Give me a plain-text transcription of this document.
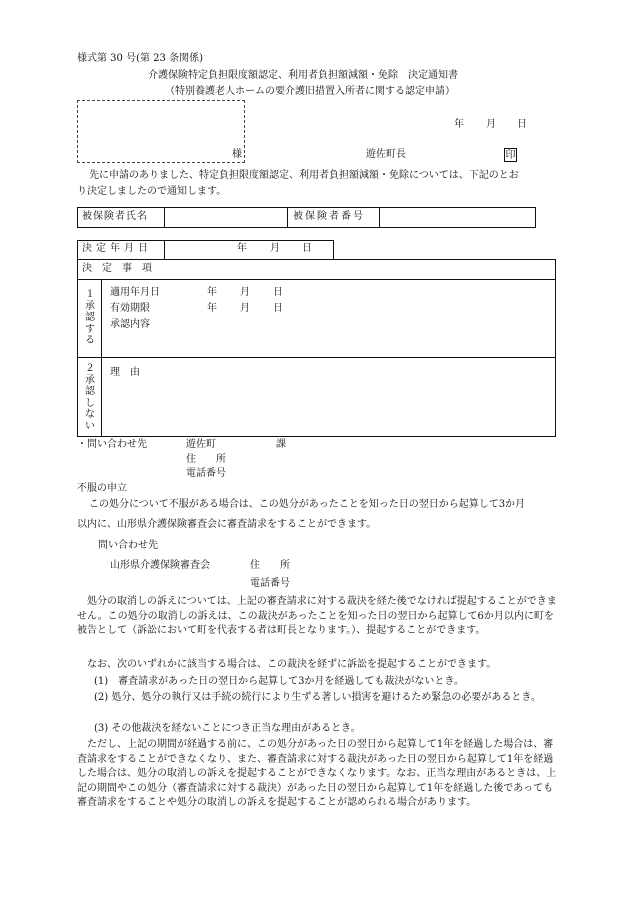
様式第 30 号(第 23 条関係)
介護保険特定負担限度額認定、利用者負担額減額・免除　決定通知書
（特別養護老人ホームの要介護旧措置入所者に関する認定申請）
様
年 月 日
遊佐町長	印
先に申請のありました、特定負担限度額認定、利用者負担額減額・免除については、下記のとお
り決定しましたので通知します。
被保険者氏名	被保険者番号
決定年月日	年 月 日
決　定　事　項
１承認する
適用年月日	年 月 日
有効期限	年 月 日
承認内容
２承認しない
理　由
・問い合わせ先	遊佐町	課
住　　所
電話番号
不服の申立
この処分について不服がある場合は、この処分があったことを知った日の翌日から起算して3か月
以内に、山形県介護保険審査会に審査請求をすることができます。
問い合わせ先
山形県介護保険審査会	住　　所
電話番号
処分の取消しの訴えについては、上記の審査請求に対する裁決を経た後でなければ提起することができません。この処分の取消しの訴えは、この裁決があったことを知った日の翌日から起算して6か月以内に町を被告として（訴訟において町を代表する者は町長となります。）、提起することができます。
なお、次のいずれかに該当する場合は、この裁決を経ずに訴訟を提起することができます。
(1)　審査請求があった日の翌日から起算して3か月を経過しても裁決がないとき。
(2) 処分、処分の執行又は手続の続行により生ずる著しい損害を避けるため緊急の必要があるとき。
(3) その他裁決を経ないことにつき正当な理由があるとき。
ただし、上記の期間が経過する前に、この処分があった日の翌日から起算して1年を経過した場合は、審査請求をすることができなくなり、また、審査請求に対する裁決があった日の翌日から起算して1年を経過した場合は、処分の取消しの訴えを提起することができなくなります。なお、正当な理由があるときは、上記の期間やこの処分（審査請求に対する裁決）があった日の翌日から起算して1年を経過した後であっても審査請求をすることや処分の取消しの訴えを提起することが認められる場合があります。
